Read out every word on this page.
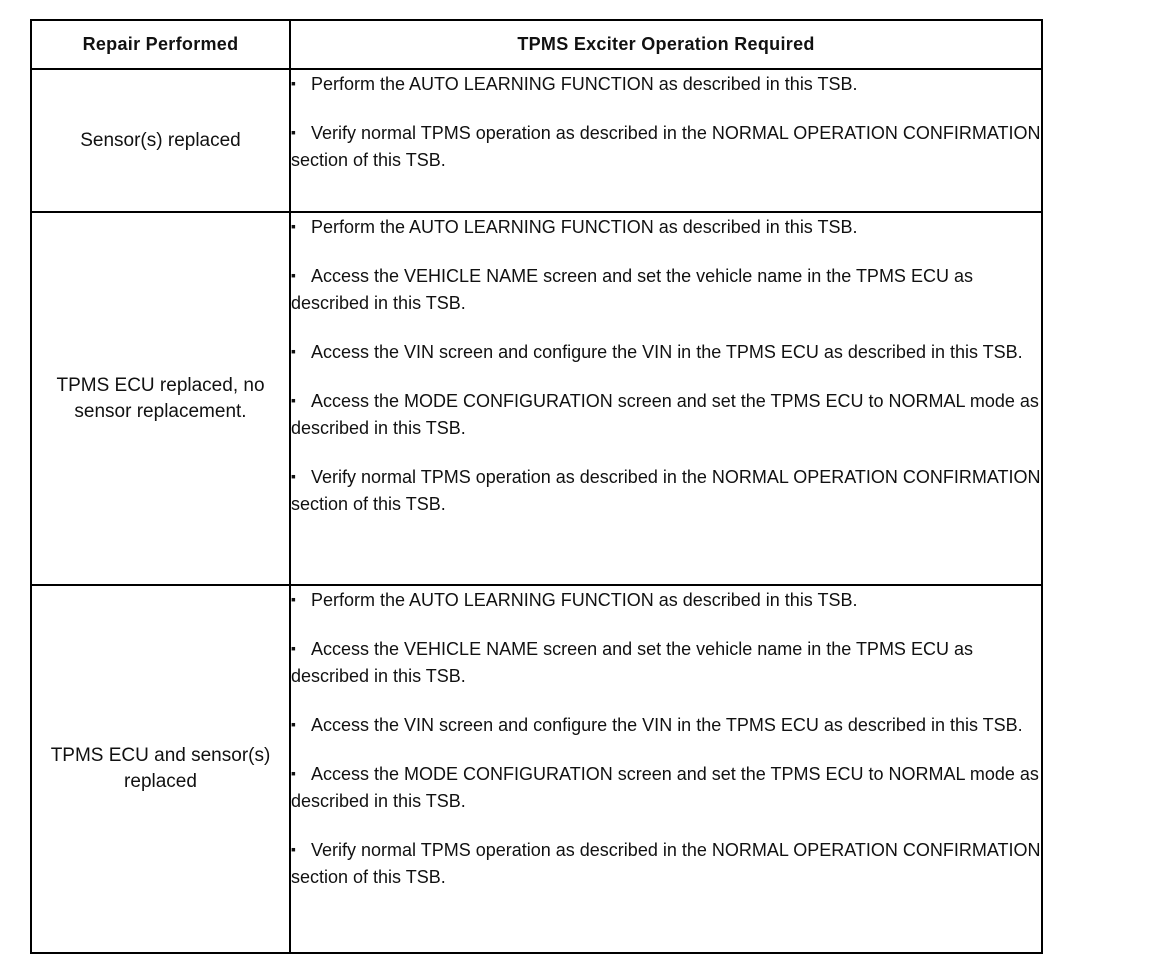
Repair Performed	TPMS Exciter Operation Required
Sensor(s) replaced	▪ Perform the AUTO LEARNING FUNCTION as described in this TSB.
▪ Verify normal TPMS operation as described in the NORMAL OPERATION CONFIRMATION section of this TSB.

TPMS ECU replaced, no sensor replacement.	▪ Perform the AUTO LEARNING FUNCTION as described in this TSB.
▪ Access the VEHICLE NAME screen and set the vehicle name in the TPMS ECU as described in this TSB.
▪ Access the VIN screen and configure the VIN in the TPMS ECU as described in this TSB.
▪ Access the MODE CONFIGURATION screen and set the TPMS ECU to NORMAL mode as described in this TSB.
▪ Verify normal TPMS operation as described in the NORMAL OPERATION CONFIRMATION section of this TSB.

TPMS ECU and sensor(s) replaced	▪ Perform the AUTO LEARNING FUNCTION as described in this TSB.
▪ Access the VEHICLE NAME screen and set the vehicle name in the TPMS ECU as described in this TSB.
▪ Access the VIN screen and configure the VIN in the TPMS ECU as described in this TSB.
▪ Access the MODE CONFIGURATION screen and set the TPMS ECU to NORMAL mode as described in this TSB.
▪ Verify normal TPMS operation as described in the NORMAL OPERATION CONFIRMATION section of this TSB.
